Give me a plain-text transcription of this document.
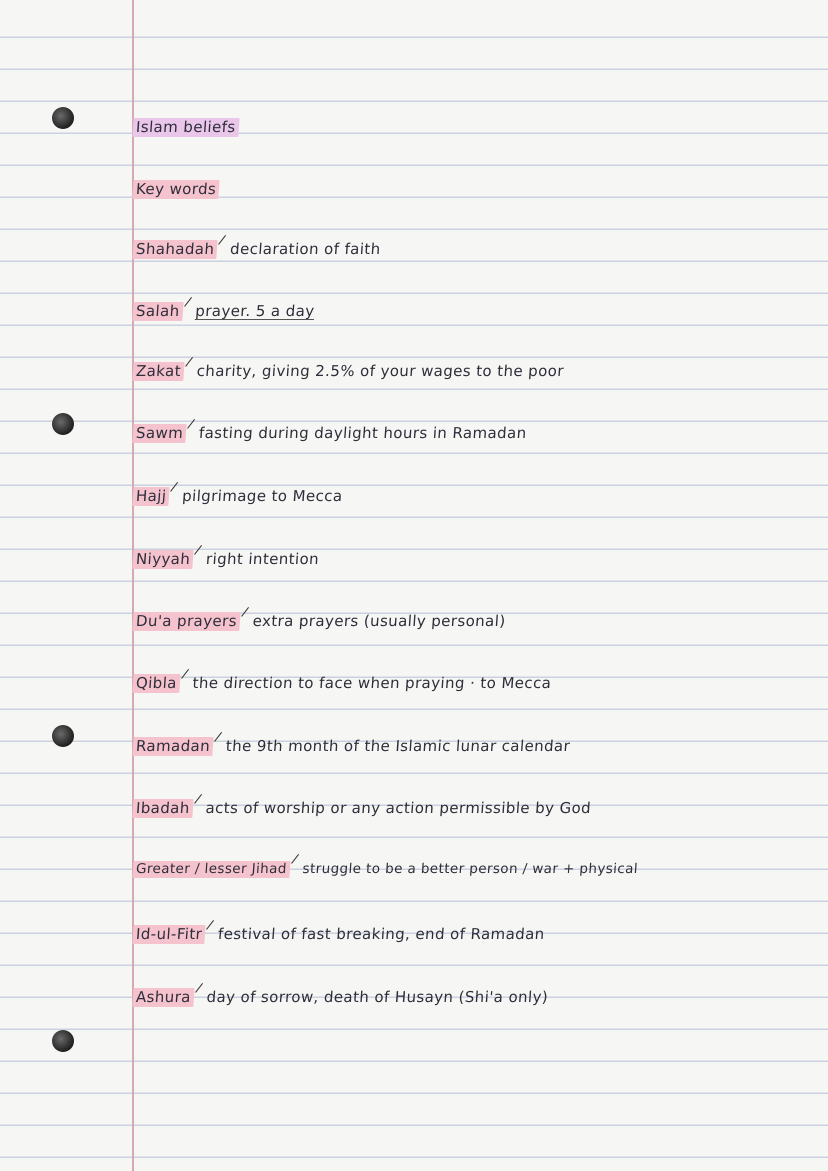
Islam beliefs
Key words
Shahadah / declaration of faith
Salah / prayer. 5 a day
Zakat / charity, giving 2.5% of your wages to the poor
Sawm / fasting during daylight hours in Ramadan
Hajj / pilgrimage to Mecca
Niyyah / right intention
Du'a prayers / extra prayers (usually personal)
Qibla / the direction to face when praying · to Mecca
Ramadan / the 9th month of the Islamic lunar calendar
Ibadah / acts of worship or any action permissible by God
Greater / lesser Jihad/struggle to be a better person / war + physical
Id-ul-Fitr / festival of fast breaking, end of Ramadan
Ashura / day of sorrow, death of Husayn (Shi'a only)
